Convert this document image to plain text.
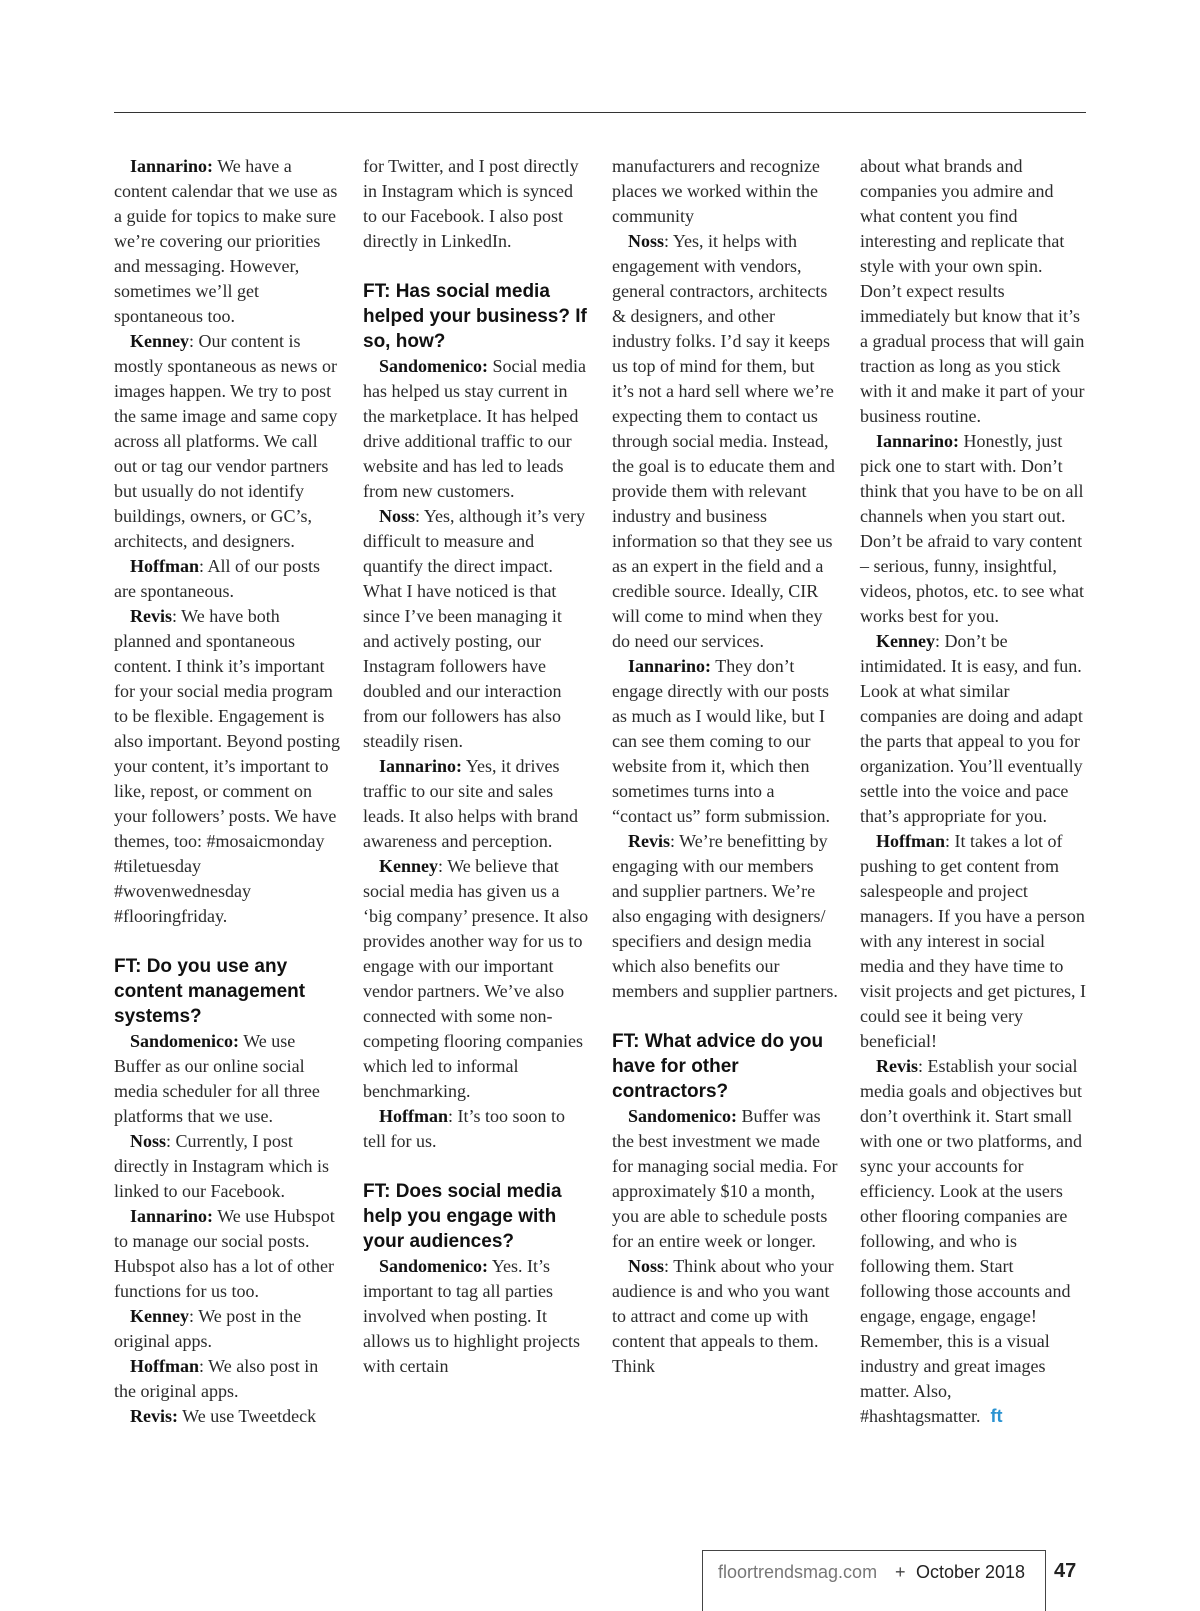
Iannarino: We have a content calendar that we use as a guide for topics to make sure we’re covering our priorities and messaging. However, sometimes we’ll get spontaneous too.

Kenney: Our content is mostly spontaneous as news or images happen. We try to post the same image and same copy across all platforms. We call out or tag our vendor partners but usually do not identify buildings, owners, or GC’s, architects, and designers.

Hoffman: All of our posts are spontaneous.

Revis: We have both planned and spontaneous content. I think it’s important for your social media program to be flexible. Engagement is also important. Beyond posting your content, it’s important to like, repost, or comment on your followers’ posts. We have themes, too: #mosaicmonday #tiletuesday #wovenwednesday #flooringfriday.

FT: Do you use any content management systems?

Sandomenico: We use Buffer as our online social media scheduler for all three platforms that we use.

Noss: Currently, I post directly in Instagram which is linked to our Facebook.

Iannarino: We use Hubspot to manage our social posts. Hubspot also has a lot of other functions for us too.

Kenney: We post in the original apps.

Hoffman: We also post in the original apps.

Revis: We use Tweetdeck

for Twitter, and I post directly in Instagram which is synced to our Facebook. I also post directly in LinkedIn.

FT: Has social media helped your business? If so, how?

Sandomenico: Social media has helped us stay current in the marketplace. It has helped drive additional traffic to our website and has led to leads from new customers.

Noss: Yes, although it’s very difficult to measure and quantify the direct impact. What I have noticed is that since I’ve been managing it and actively posting, our Instagram followers have doubled and our interaction from our followers has also steadily risen.

Iannarino: Yes, it drives traffic to our site and sales leads. It also helps with brand awareness and perception.

Kenney: We believe that social media has given us a ‘big company’ presence. It also provides another way for us to engage with our important vendor partners. We’ve also connected with some non-competing flooring companies which led to informal benchmarking.

Hoffman: It’s too soon to tell for us.

FT: Does social media help you engage with your audiences?

Sandomenico: Yes. It’s important to tag all parties involved when posting. It allows us to highlight projects with certain

manufacturers and recognize places we worked within the community

Noss: Yes, it helps with engagement with vendors, general contractors, architects & designers, and other industry folks. I’d say it keeps us top of mind for them, but it’s not a hard sell where we’re expecting them to contact us through social media. Instead, the goal is to educate them and provide them with relevant industry and business information so that they see us as an expert in the field and a credible source. Ideally, CIR will come to mind when they do need our services.

Iannarino: They don’t engage directly with our posts as much as I would like, but I can see them coming to our website from it, which then sometimes turns into a “contact us” form submission.

Revis: We’re benefitting by engaging with our members and supplier partners. We’re also engaging with designers/ specifiers and design media which also benefits our members and supplier partners.

FT: What advice do you have for other contractors?

Sandomenico: Buffer was the best investment we made for managing social media. For approximately $10 a month, you are able to schedule posts for an entire week or longer.

Noss: Think about who your audience is and who you want to attract and come up with content that appeals to them. Think

about what brands and companies you admire and what content you find interesting and replicate that style with your own spin. Don’t expect results immediately but know that it’s a gradual process that will gain traction as long as you stick with it and make it part of your business routine.

Iannarino: Honestly, just pick one to start with. Don’t think that you have to be on all channels when you start out. Don’t be afraid to vary content – serious, funny, insightful, videos, photos, etc. to see what works best for you.

Kenney: Don’t be intimidated. It is easy, and fun. Look at what similar companies are doing and adapt the parts that appeal to you for organization. You’ll eventually settle into the voice and pace that’s appropriate for you.

Hoffman: It takes a lot of pushing to get content from salespeople and project managers. If you have a person with any interest in social media and they have time to visit projects and get pictures, I could see it being very beneficial!

Revis: Establish your social media goals and objectives but don’t overthink it. Start small with one or two platforms, and sync your accounts for efficiency. Look at the users other flooring companies are following, and who is following them. Start following those accounts and engage, engage, engage! Remember, this is a visual industry and great images matter. Also, #hashtagsmatter. ft

floortrendsmag.com + October 2018 47
